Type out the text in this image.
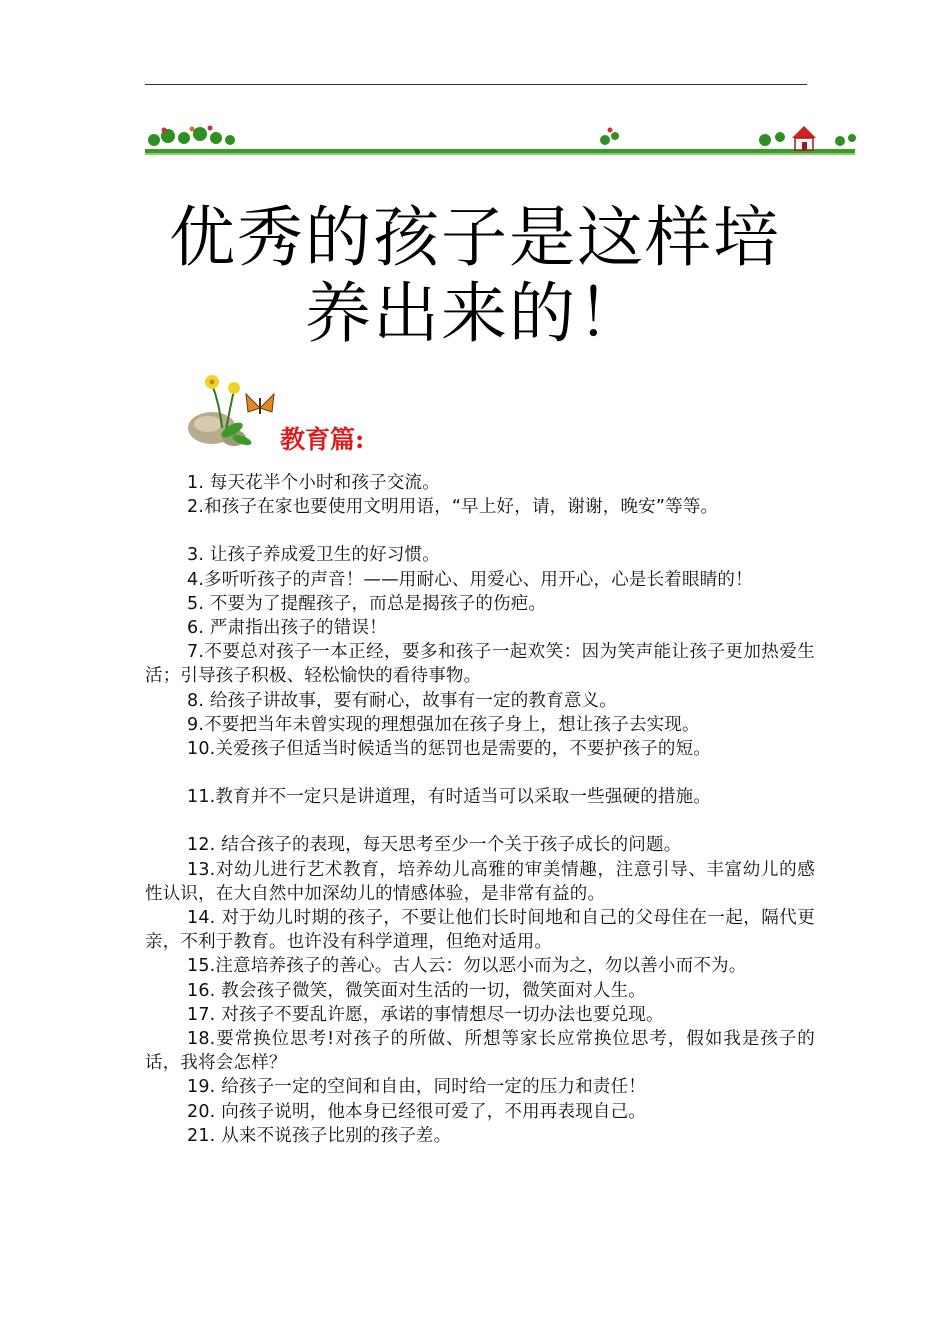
优秀的孩子是这样培
养出来的！
教育篇:
1. 每天花半个小时和孩子交流。
2.和孩子在家也要使用文明用语，“早上好，请，谢谢，晚安”等等。
3. 让孩子养成爱卫生的好习惯。
4.多听听孩子的声音！——用耐心、用爱心、用开心，心是长着眼睛的！
5. 不要为了提醒孩子，而总是揭孩子的伤疤。
6. 严肃指出孩子的错误！
7.不要总对孩子一本正经，要多和孩子一起欢笑：因为笑声能让孩子更加热爱生活；引导孩子积极、轻松愉快的看待事物。
8. 给孩子讲故事，要有耐心，故事有一定的教育意义。
9.不要把当年未曾实现的理想强加在孩子身上，想让孩子去实现。
10.关爱孩子但适当时候适当的惩罚也是需要的，不要护孩子的短。
11.教育并不一定只是讲道理，有时适当可以采取一些强硬的措施。
12. 结合孩子的表现，每天思考至少一个关于孩子成长的问题。
13.对幼儿进行艺术教育，培养幼儿高雅的审美情趣，注意引导、丰富幼儿的感性认识，在大自然中加深幼儿的情感体验，是非常有益的。
14. 对于幼儿时期的孩子，不要让他们长时间地和自己的父母住在一起，隔代更亲，不利于教育。也许没有科学道理，但绝对适用。
15.注意培养孩子的善心。古人云：勿以恶小而为之，勿以善小而不为。
16. 教会孩子微笑，微笑面对生活的一切，微笑面对人生。
17. 对孩子不要乱许愿，承诺的事情想尽一切办法也要兑现。
18.要常换位思考!对孩子的所做、所想等家长应常换位思考，假如我是孩子的话，我将会怎样？
19. 给孩子一定的空间和自由，同时给一定的压力和责任！
20. 向孩子说明，他本身已经很可爱了，不用再表现自己。
21. 从来不说孩子比别的孩子差。
